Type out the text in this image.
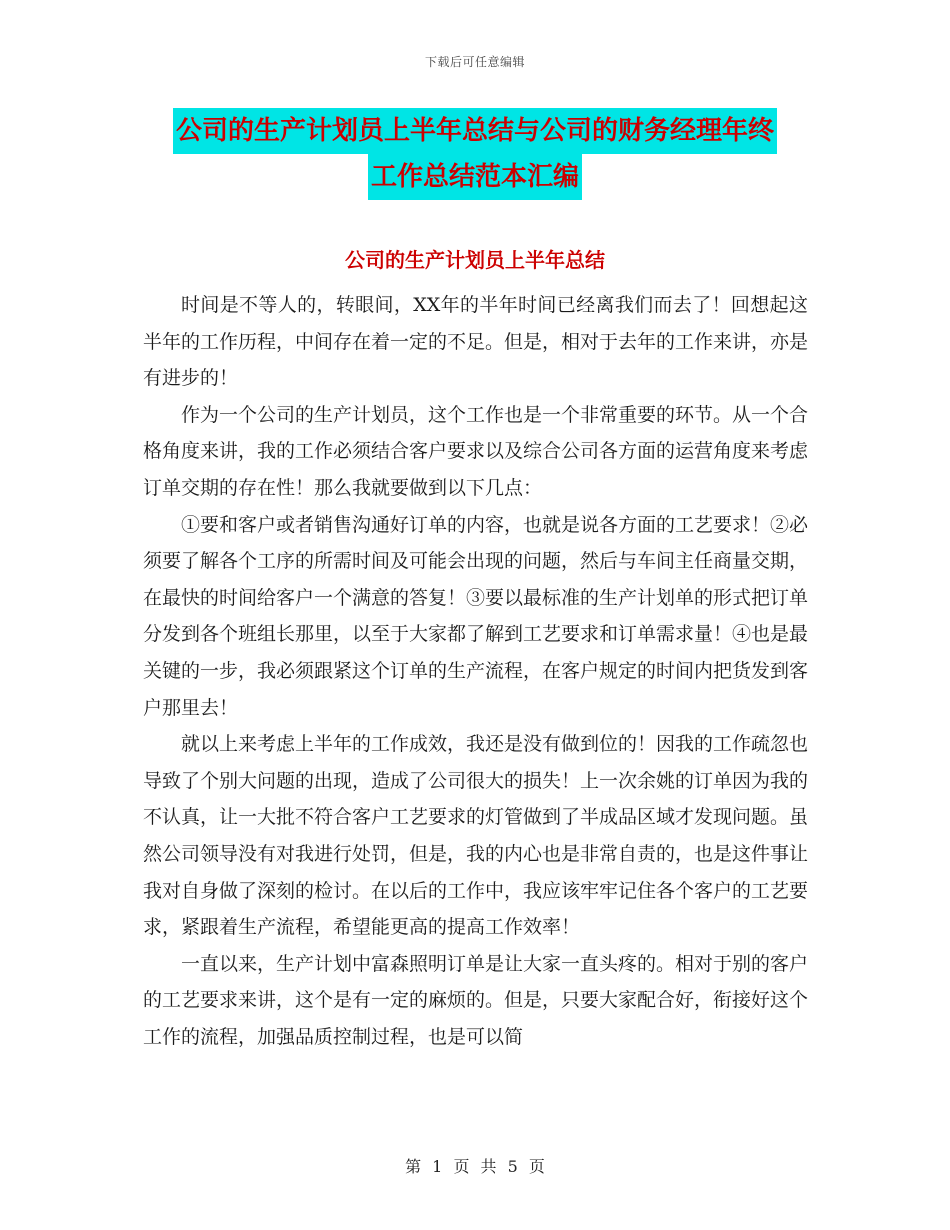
下载后可任意编辑
公司的生产计划员上半年总结与公司的财务经理年终
工作总结范本汇编
公司的生产计划员上半年总结

时间是不等人的，转眼间，XX年的半年时间已经离我们而去了！回想起这半年的工作历程，中间存在着一定的不足。但是，相对于去年的工作来讲，亦是有进步的！

作为一个公司的生产计划员，这个工作也是一个非常重要的环节。从一个合格角度来讲，我的工作必须结合客户要求以及综合公司各方面的运营角度来考虑订单交期的存在性！那么我就要做到以下几点：

①要和客户或者销售沟通好订单的内容，也就是说各方面的工艺要求！②必须要了解各个工序的所需时间及可能会出现的问题，然后与车间主任商量交期，在最快的时间给客户一个满意的答复！③要以最标准的生产计划单的形式把订单分发到各个班组长那里，以至于大家都了解到工艺要求和订单需求量！④也是最关键的一步，我必须跟紧这个订单的生产流程，在客户规定的时间内把货发到客户那里去！

就以上来考虑上半年的工作成效，我还是没有做到位的！因我的工作疏忽也导致了个别大问题的出现，造成了公司很大的损失！上一次余姚的订单因为我的不认真，让一大批不符合客户工艺要求的灯管做到了半成品区域才发现问题。虽然公司领导没有对我进行处罚，但是，我的内心也是非常自责的，也是这件事让我对自身做了深刻的检讨。在以后的工作中，我应该牢牢记住各个客户的工艺要求，紧跟着生产流程，希望能更高的提高工作效率！

一直以来，生产计划中富森照明订单是让大家一直头疼的。相对于别的客户的工艺要求来讲，这个是有一定的麻烦的。但是，只要大家配合好，衔接好这个工作的流程，加强品质控制过程，也是可以简

第 1 页 共 5 页
